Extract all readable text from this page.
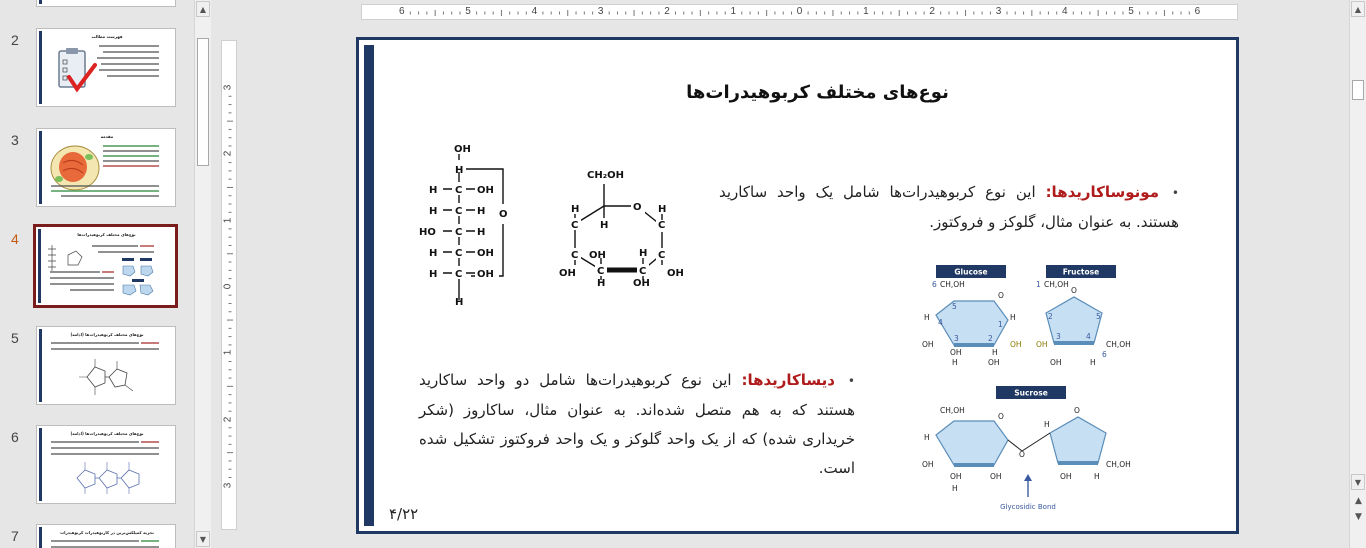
2	فهرست مطالب
3	مقدمه
4	نوع‌های مختلف کربوهیدرات‌ها
5	نوع‌های مختلف کربوهیدرات‌ها (ادامه)
6	نوع‌های مختلف کربوهیدرات‌ها (ادامه)
7	تجزیه کمپلکس‌ترین در کاربوهیدرات کربوهیدرات
▲
▼
6	5	4	3	2	1	0	1	2	3	4	5	6
3
2
1
0
1
2
3
نوع‌های مختلف کربوهیدرات‌ها
OH
H
C
C
C
C
C
H
H
H
HO
H
H
OH
H
H
OH
OH
O
CH₂OH
O
H
H
C	C
H
C	C
OH	OH
OH	H
C	C
H	OH
•مونوساکاریدها: این نوع کربوهیدرات‌ها شامل یک واحد ساکارید هستند. به عنوان مثال، گلوکز و فروکتوز.
•دیساکاریدها: این نوع کربوهیدرات‌ها شامل دو واحد ساکارید هستند که به هم متصل شده‌اند. به عنوان مثال، ساکاروز (شکر خریداری شده) که از یک واحد گلوکز و یک واحد فروکتوز تشکیل شده است.
Glucose	Fructose
CH,OH
6
O
5
4
3	2
1
H
OH
H
OH
OH	H
H	OH
CH,OH
1
O
2
3	4
5
6
OH	CH,OH
OH	H
Sucrose
O
CH,OH
O
H
OH
OH	OH
H
O
CH,OH
OH	H
H
Glycosidic Bond
۴/۲۲
▲
▼
▲
▼
